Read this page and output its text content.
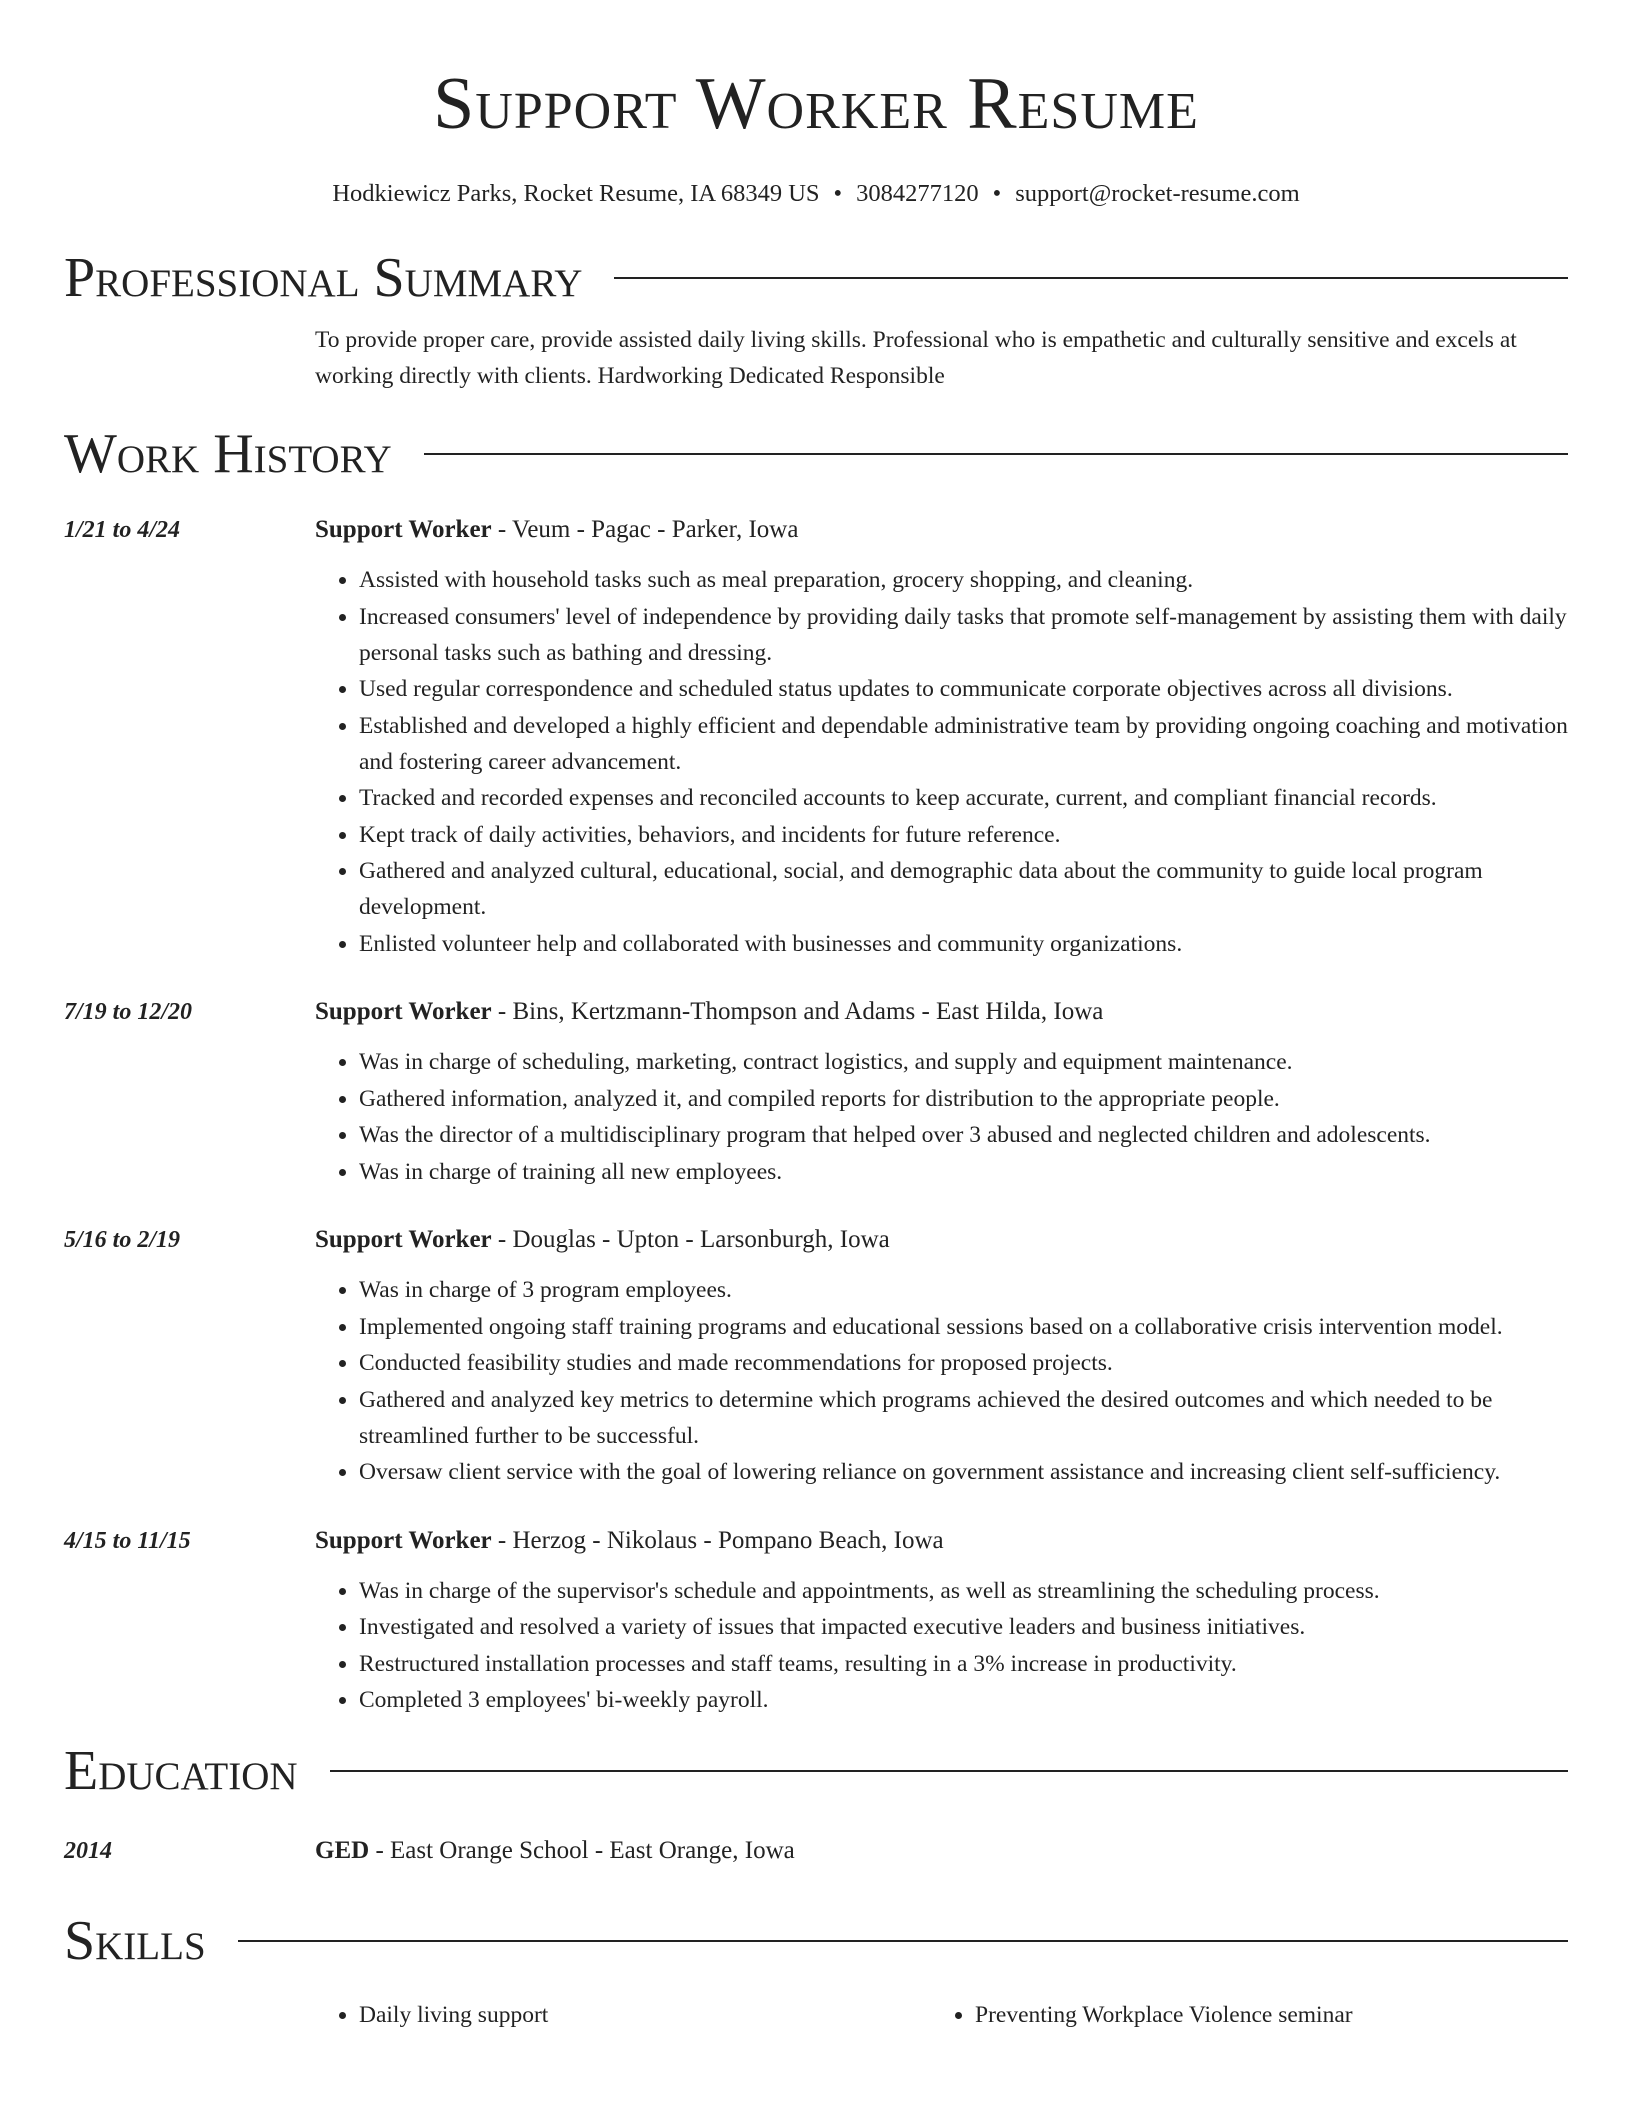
Support Worker Resume
Hodkiewicz Parks, Rocket Resume, IA 68349 US • 3084277120 • support@rocket-resume.com
Professional Summary
To provide proper care, provide assisted daily living skills. Professional who is empathetic and culturally sensitive and excels at working directly with clients. Hardworking Dedicated Responsible
Work History
1/21 to 4/24	Support Worker - Veum - Pagac - Parker, Iowa
• Assisted with household tasks such as meal preparation, grocery shopping, and cleaning.
• Increased consumers' level of independence by providing daily tasks that promote self-management by assisting them with daily personal tasks such as bathing and dressing.
• Used regular correspondence and scheduled status updates to communicate corporate objectives across all divisions.
• Established and developed a highly efficient and dependable administrative team by providing ongoing coaching and motivation and fostering career advancement.
• Tracked and recorded expenses and reconciled accounts to keep accurate, current, and compliant financial records.
• Kept track of daily activities, behaviors, and incidents for future reference.
• Gathered and analyzed cultural, educational, social, and demographic data about the community to guide local program development.
• Enlisted volunteer help and collaborated with businesses and community organizations.
7/19 to 12/20	Support Worker - Bins, Kertzmann-Thompson and Adams - East Hilda, Iowa
• Was in charge of scheduling, marketing, contract logistics, and supply and equipment maintenance.
• Gathered information, analyzed it, and compiled reports for distribution to the appropriate people.
• Was the director of a multidisciplinary program that helped over 3 abused and neglected children and adolescents.
• Was in charge of training all new employees.
5/16 to 2/19	Support Worker - Douglas - Upton - Larsonburgh, Iowa
• Was in charge of 3 program employees.
• Implemented ongoing staff training programs and educational sessions based on a collaborative crisis intervention model.
• Conducted feasibility studies and made recommendations for proposed projects.
• Gathered and analyzed key metrics to determine which programs achieved the desired outcomes and which needed to be streamlined further to be successful.
• Oversaw client service with the goal of lowering reliance on government assistance and increasing client self-sufficiency.
4/15 to 11/15	Support Worker - Herzog - Nikolaus - Pompano Beach, Iowa
• Was in charge of the supervisor's schedule and appointments, as well as streamlining the scheduling process.
• Investigated and resolved a variety of issues that impacted executive leaders and business initiatives.
• Restructured installation processes and staff teams, resulting in a 3% increase in productivity.
• Completed 3 employees' bi-weekly payroll.
Education
2014	GED - East Orange School - East Orange, Iowa
Skills
• Daily living support
•	Preventing Workplace Violence seminar
